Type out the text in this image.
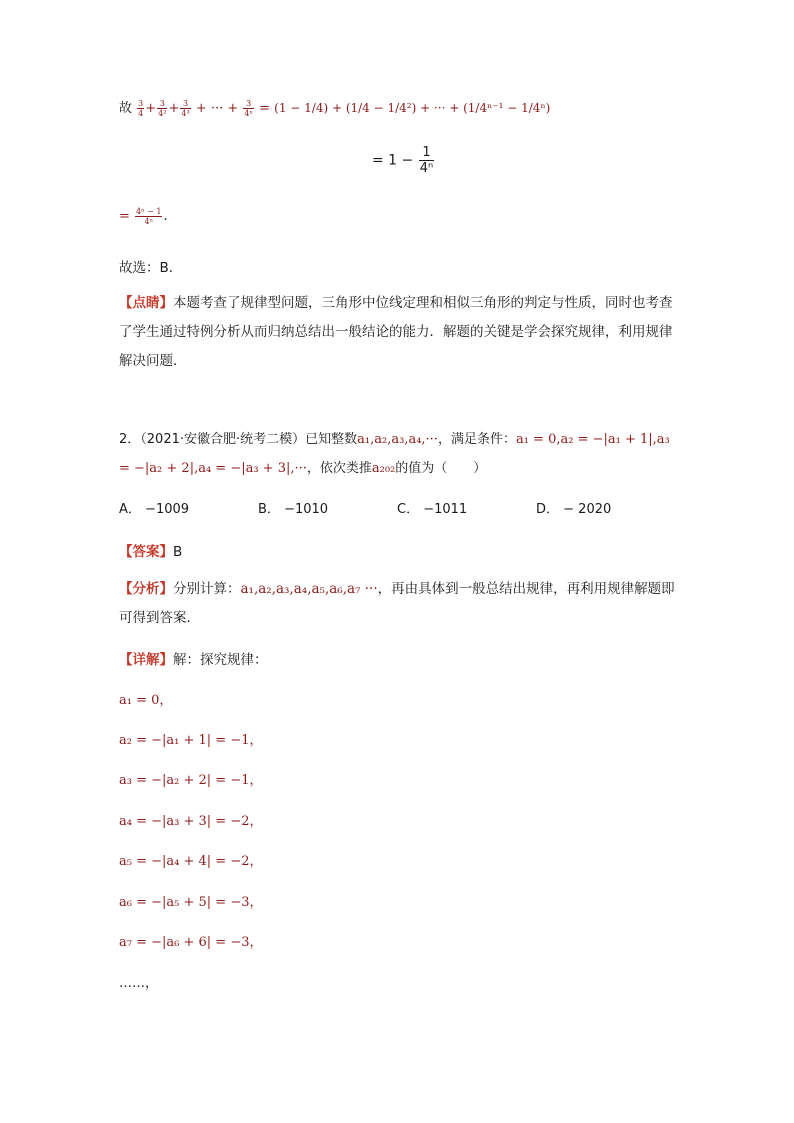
故 $\frac{3}{4} + \frac{3}{\text{4²}} + \frac{3}{\text{4³}}$ + ··· + $\frac{3}{\text{4ⁿ}} = (1 - 1/4) + (1/4 - 1/4^2)$ + ··· + (1/4ⁿ⁻¹ − 1/4ⁿ)
= $1 - \frac{1}{\text{4ⁿ}}$
= $\frac{\text{4ⁿ − 1}}{\text{4ⁿ}}$ .
故选：B．
【点睛】本题考查了规律型问题，三角形中位线定理和相似三角形的判定与性质，同时也考查了学生通过特例分析从而归纳总结出一般结论的能力．解题的关键是学会探究规律，利用规律解决问题．
2．（2021·安徽合肥·统考二模）已知整数a₁,a₂,a₃,a₄,···，满足条件：a₁ = 0,a₂ = −|a₁ + 1|,a₃
= −|a₂ + 2|,a₄ = −|a₃ + 3|,···，依次类推a₂₀₂的值为（　　）
A． −1009	B． −1010	C． −1011	D． − 2020
【答案】B
【分析】分别计算：a₁,a₂,a₃,a₄,a₅,a₆,a₇ ···，再由具体到一般总结出规律，再利用规律解题即可得到答案．
【详解】解：探究规律：
a₁ = 0，
a₂ = −|a₁ + 1| = −1，
a₃ = −|a₂ + 2| = −1，
a₄ = −|a₃ + 3| = −2，
a₅ = −|a₄ + 4| = −2，
a₆ = −|a₅ + 5| = −3，
a₇ = −|a₆ + 6| = −3，
……，
